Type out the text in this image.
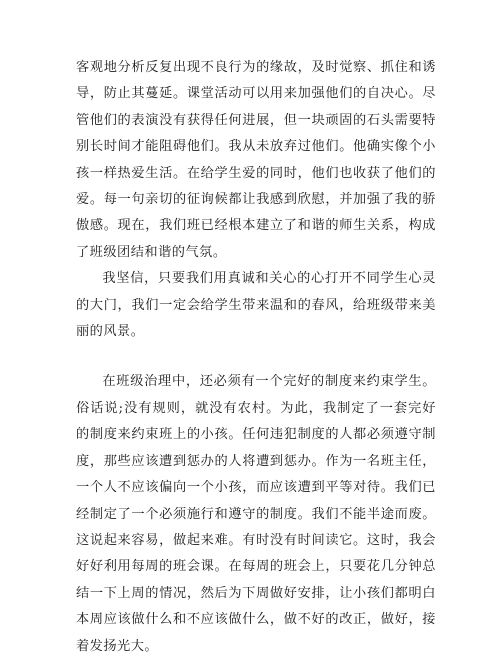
客观地分析反复出现不良行为的缘故，及时觉察、抓住和诱导，防止其蔓延。课堂活动可以用来加强他们的自决心。尽管他们的表演没有获得任何进展，但一块顽固的石头需要特别长时间才能阻碍他们。我从未放弃过他们。他确实像个小孩一样热爱生活。在给学生爱的同时，他们也收获了他们的爱。每一句亲切的征询候都让我感到欣慰，并加强了我的骄傲感。现在，我们班已经根本建立了和谐的师生关系，构成了班级团结和谐的气氛。

我坚信，只要我们用真诚和关心的心打开不同学生心灵的大门，我们一定会给学生带来温和的春风，给班级带来美丽的风景。

在班级治理中，还必须有一个完好的制度来约束学生。俗话说;没有规则，就没有农村。为此，我制定了一套完好的制度来约束班上的小孩。任何违犯制度的人都必须遵守制度，那些应该遭到惩办的人将遭到惩办。作为一名班主任，一个人不应该偏向一个小孩，而应该遭到平等对待。我们已经制定了一个必须施行和遵守的制度。我们不能半途而废。这说起来容易，做起来难。有时没有时间读它。这时，我会好好利用每周的班会课。在每周的班会上，只要花几分钟总结一下上周的情况，然后为下周做好安排，让小孩们都明白本周应该做什么和不应该做什么，做不好的改正，做好，接着发扬光大。
